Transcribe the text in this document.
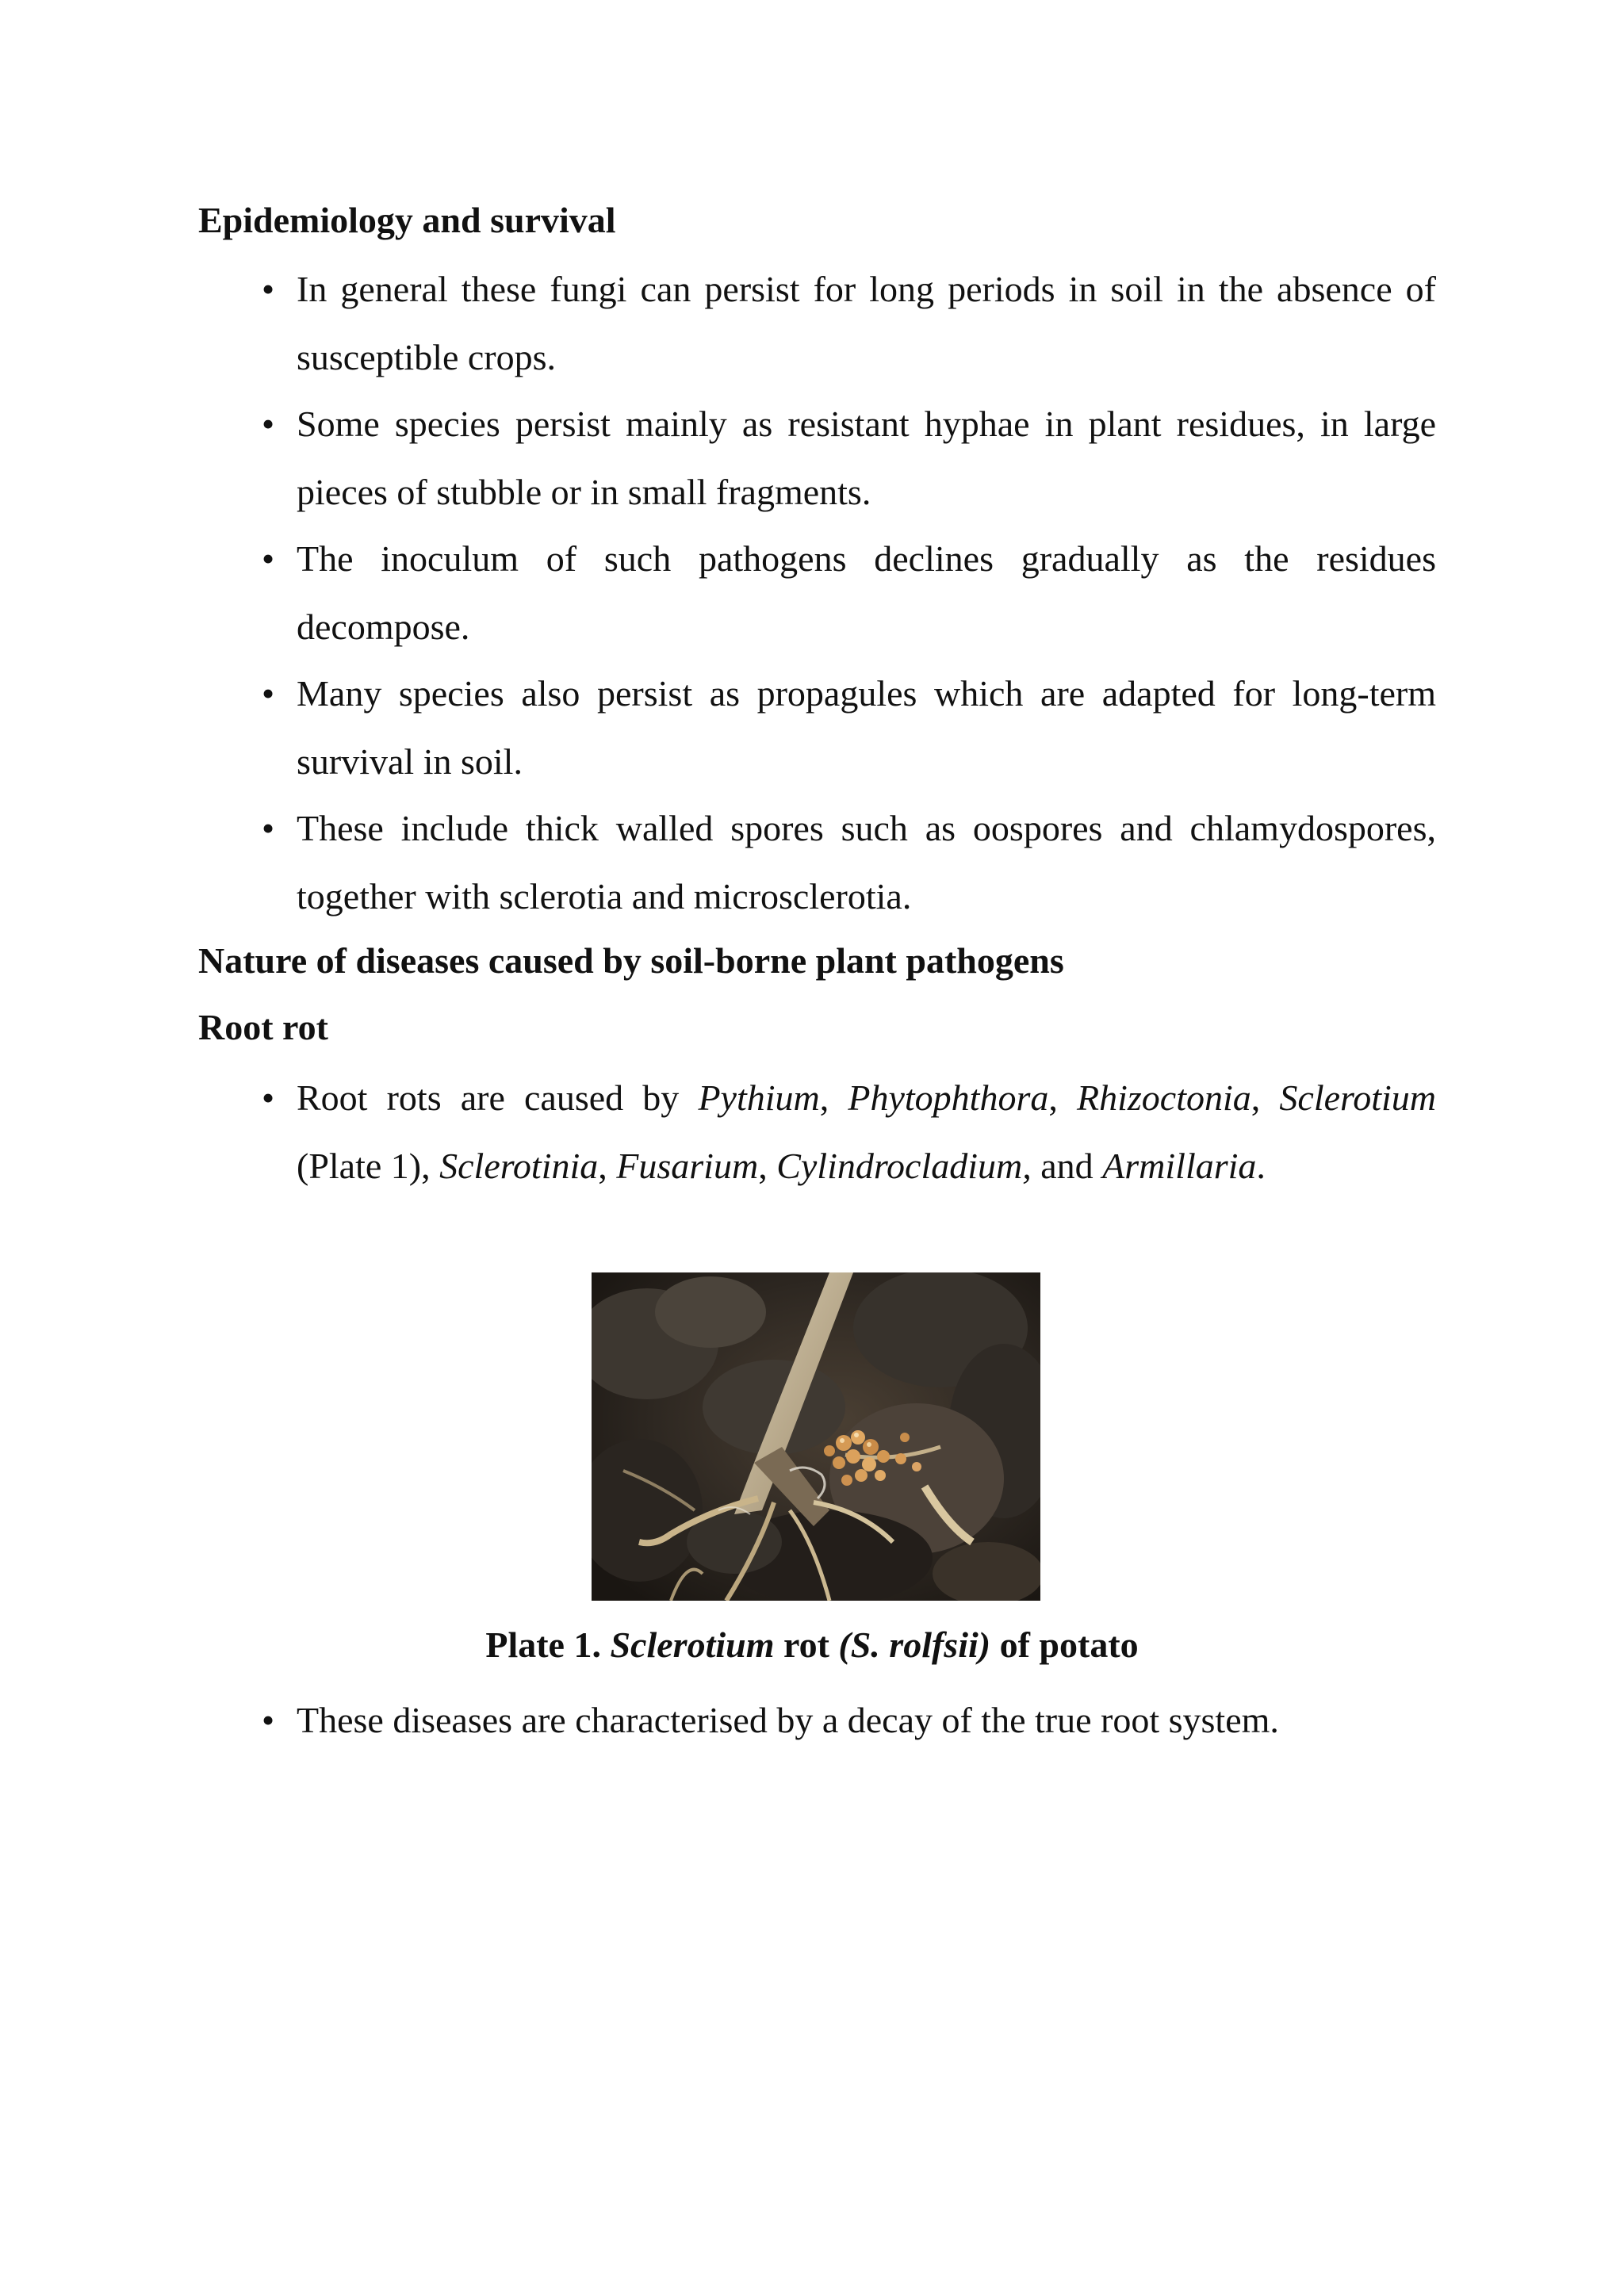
Epidemiology and survival
• In general these fungi can persist for long periods in soil in the absence of susceptible crops.
• Some species persist mainly as resistant hyphae in plant residues, in large pieces of stubble or in small fragments.
• The inoculum of such pathogens declines gradually as the residues decompose.
• Many species also persist as propagules which are adapted for long-term survival in soil.
• These include thick walled spores such as oospores and chlamydospores, together with sclerotia and microsclerotia.
Nature of diseases caused by soil-borne plant pathogens
Root rot
• Root rots are caused by Pythium, Phytophthora, Rhizoctonia, Sclerotium (Plate 1), Sclerotinia, Fusarium, Cylindrocladium, and Armillaria.
Plate 1. Sclerotium rot (S. rolfsii) of potato
• These diseases are characterised by a decay of the true root system.
